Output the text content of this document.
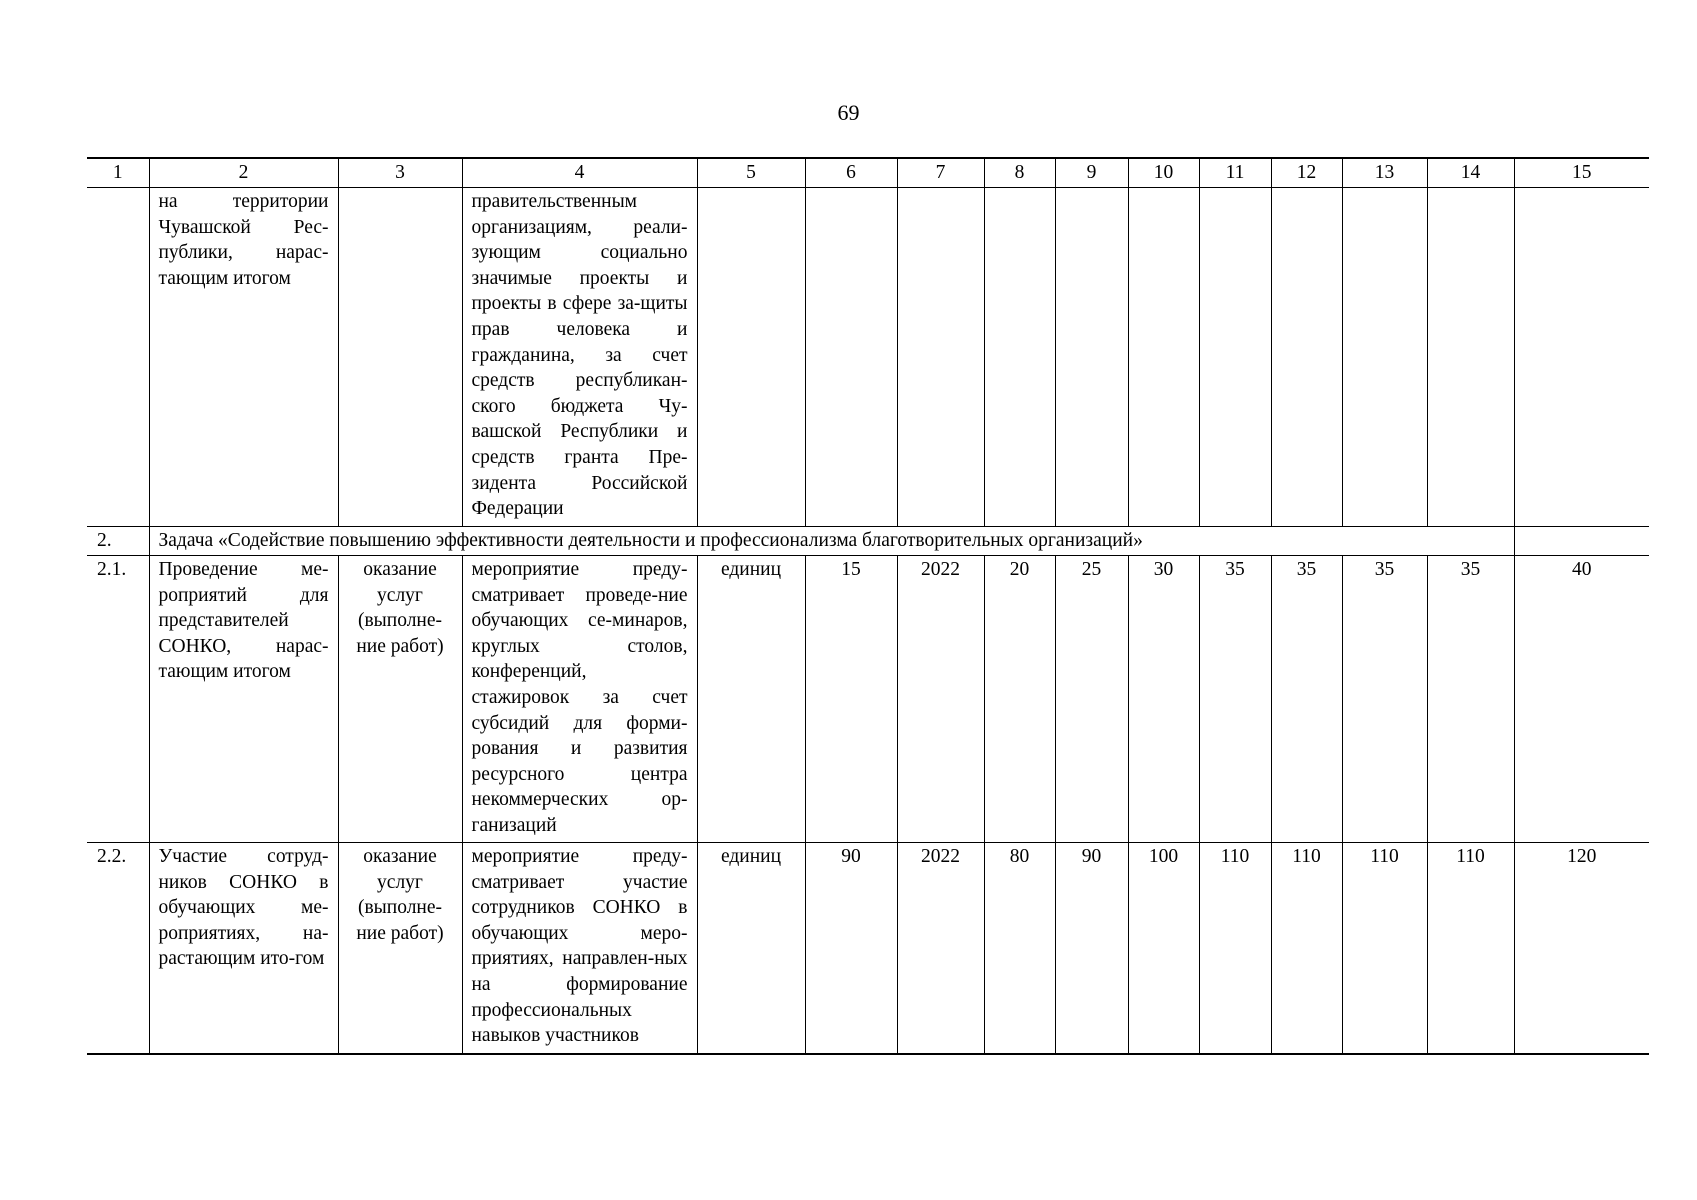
69
1	2	3	4	5	6	7	8	9	10	11	12	13	14	15
	на территории Чувашской Рес-публики, нарас-тающим итогом		правительственным организациям, реали-зующим социально значимые проекты и проекты в сфере за-щиты прав человека и гражданина, за счет средств республикан-ского бюджета Чу-вашской Республики и средств гранта Пре-зидента Российской Федерации											
2.	Задача «Содействие повышению эффективности деятельности и профессионализма благотворительных организаций»													
2.1.	Проведение ме-роприятий для представителей СОНКО, нарас-тающим итогом	оказание услуг (выполне-ние работ)	мероприятие преду-сматривает проведе-ние обучающих се-минаров, круглых столов, конференций, стажировок за счет субсидий для форми-рования и развития ресурсного центра некоммерческих ор-ганизаций	единиц	15	2022	20	25	30	35	35	35	35	40
2.2.	Участие сотруд-ников СОНКО в обучающих ме-роприятиях, на-растающим ито-гом	оказание услуг (выполне-ние работ)	мероприятие преду-сматривает участие сотрудников СОНКО в обучающих меро-приятиях, направлен-ных на формирование профессиональных навыков участников	единиц	90	2022	80	90	100	110	110	110	110	120
